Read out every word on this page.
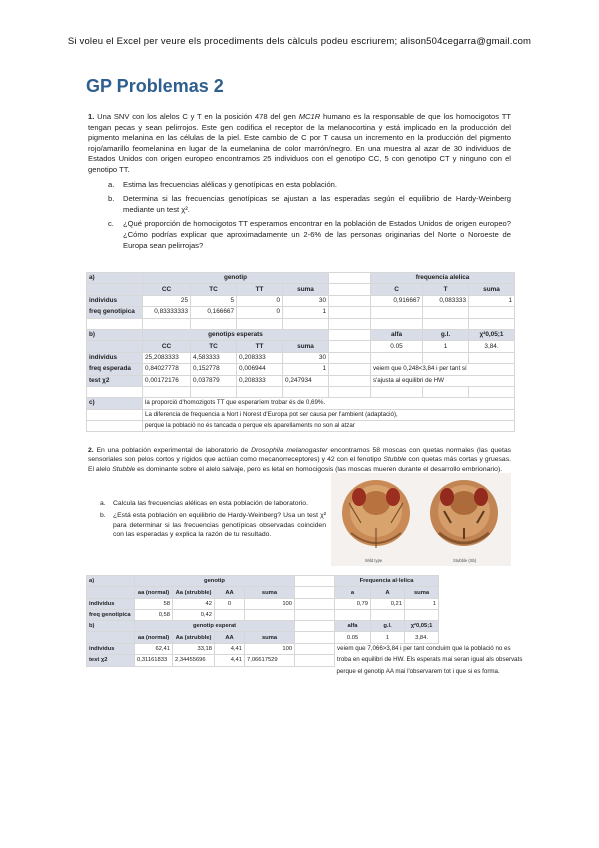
Si voleu el Excel per veure els procediments dels càlculs podeu escriurem; alison504cegarra@gmail.com
GP Problemas 2

1. Una SNV con los alelos C y T en la posición 478 del gen MC1R humano es la responsable de que los homocigotos TT tengan pecas y sean pelirrojos. Este gen codifica el receptor de la melanocortina y está implicado en la producción del pigmento melanina en las células de la piel. Este cambio de C por T causa un incremento en la producción del pigmento rojo/amarillo feomelanina en lugar de la eumelanina de color marrón/negro. En una muestra al azar de 30 individuos de Estados Unidos con origen europeo encontramos 25 individuos con el genotipo CC, 5 con genotipo CT y ninguno con el genotipo TT.

a. Estima las frecuencias alélicas y genotípicas en esta población.
b. Determina si las frecuencias genotípicas se ajustan a las esperadas según el equilibrio de Hardy-Weinberg mediante un test χ².
c. ¿Qué proporción de homocigotos TT esperamos encontrar en la población de Estados Unidos de origen europeo? ¿Cómo podrías explicar que aproximadamente un 2-6% de las personas originarias del Norte o Noroeste de Europa sean pelirrojas?
a)	genotip					frequencia alelica		
	CC	TC	TT	suma		C	T	suma
individus	25	5	0	30		0,916667	0,083333	1
freq genotipica	0,83333333	0,166667	0	1				

b)	genotips esperats					alfa	g.l.	χ²0,05;1
	CC	TC	TT	suma		0.05	1	3,84.
individus	25,2083333	4,583333	0,208333	30				
freq esperada	0,84027778	0,152778	0,006944	1		veiem que 0,248<3,84 i per tant sí		
test χ2	0,00172176	0,037879	0,208333	0,247934		s'ajusta al equilibri de HW		

c)	la proporció d'homozigots TT que esperaríem trobar és de 0,69%.							
	La diferencia de frequencia a Nort i Norest d'Europa pot ser causa per l'ambient (adaptació),							
	perque la població no és tancada o perque els aparellaments no son al atzar							

2. En una población experimental de laboratorio de Drosophila melanogaster encontramos 58 moscas con quetas normales (las quetas sensoriales son pelos cortos y rígidos que actúan como mecanorreceptores) y 42 con el fenotipo Stubble con quetas más cortas y gruesas. El alelo Stubble es dominante sobre el alelo salvaje, pero es letal en homocigosis (las moscas mueren durante el desarrollo embrionario).

a. Calcula las frecuencias alélicas en esta población de laboratorio.
b. ¿Está esta población en equilibrio de Hardy-Weinberg? Usa un test χ² para determinar si las frecuencias genotípicas observadas coinciden con las esperadas y explica la razón de tu resultado.
Wild type	Stubble (Sb)
a)	genotip					Frequencia al·lelica		
	aa (normal)	Aa (strubble)	AA	suma		a	A	suma
individus	58	42	0	100		0,79	0,21	1
freq genotipica	0,58	0,42						
b)	genotip esperat					alfa	g.l.	χ²0,05;1	
	aa (normal)	Aa (strubble)	AA	suma		0.05	1	3,84.	
individus	62,41	33,18	4,41	100		veiem que 7,066>3,84 i per tant concluim que la població no es			
test χ2	0,31161833	2,34455696	4,41	7,06617529		troba en equilibri de HW. Els esperats mai seran igual als observats			
						perque el genotip AA mai l'observarem tot i que si es forma.			
